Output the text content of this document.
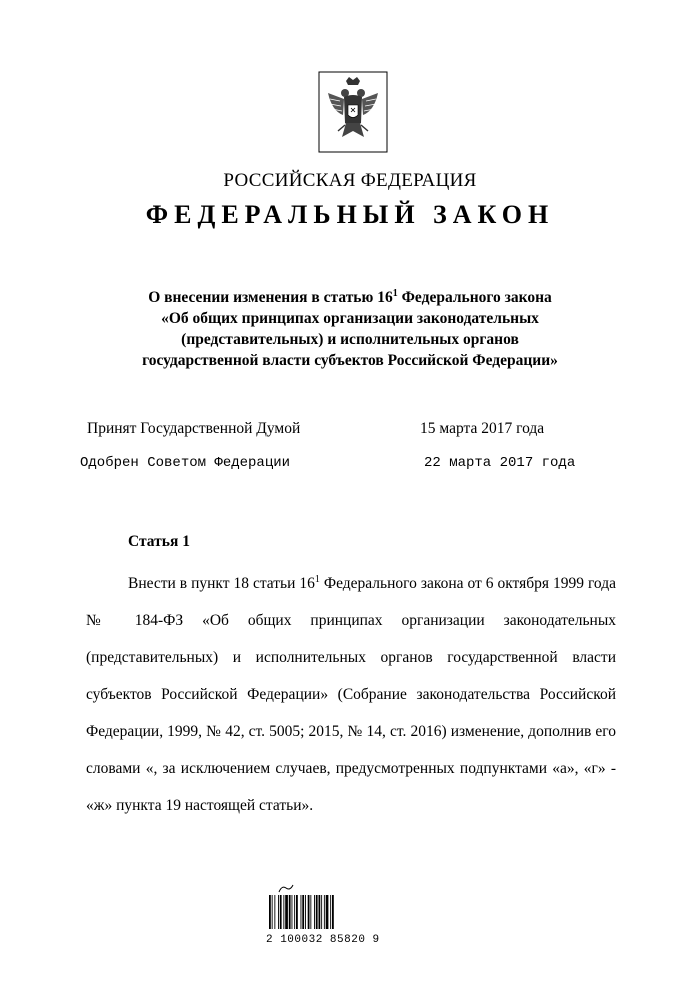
РОССИЙСКАЯ ФЕДЕРАЦИЯ
ФЕДЕРАЛЬНЫЙ ЗАКОН
О внесении изменения в статью $16^1$ Федерального закона
«Об общих принципах организации законодательных
(представительных) и исполнительных органов
государственной власти субъектов Российской Федерации»
Принят Государственной Думой	15 марта 2017 года
Одобрен Советом Федерации	22 марта 2017 года
Статья 1

Внести в пункт 18 статьи $16^1$ Федерального закона от 6 октября 1999 года № 184-ФЗ «Об общих принципах организации законодательных (представительных) и исполнительных органов государственной власти субъектов Российской Федерации» (Собрание законодательства Российской Федерации, 1999, № 42, ст. 5005; 2015, № 14, ст. 2016) изменение, дополнив его словами «, за исключением случаев, предусмотренных подпунктами «а», «г» - «ж» пункта 19 настоящей статьи».

2 100032 85820 9
